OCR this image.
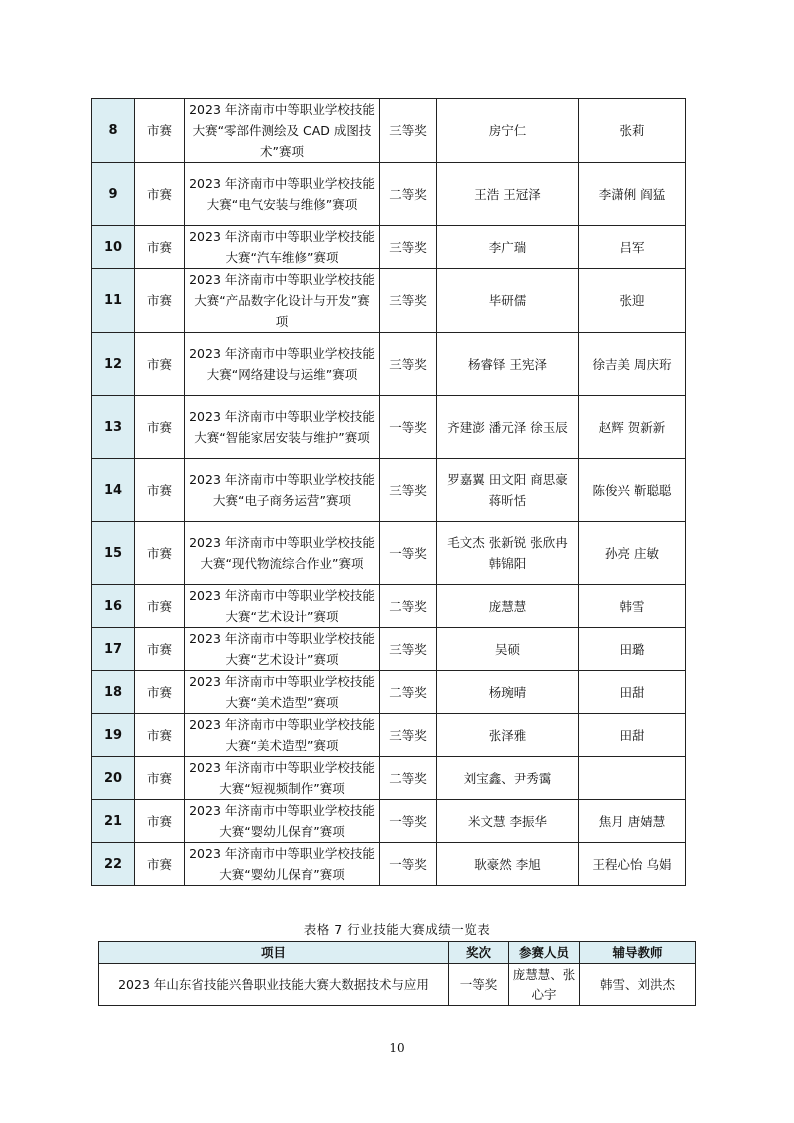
8	市赛	2023 年济南市中等职业学校技能大赛“零部件测绘及 CAD 成图技术”赛项	三等奖	房宁仁	张莉
9	市赛	2023 年济南市中等职业学校技能大赛“电气安装与维修”赛项	二等奖	王浩 王冠泽	李潇俐 阎猛
10	市赛	2023 年济南市中等职业学校技能大赛“汽车维修”赛项	三等奖	李广瑞	吕军
11	市赛	2023 年济南市中等职业学校技能大赛“产品数字化设计与开发”赛项	三等奖	毕研儒	张迎
12	市赛	2023 年济南市中等职业学校技能大赛“网络建设与运维”赛项	三等奖	杨睿铎 王宪泽	徐吉美 周庆珩
13	市赛	2023 年济南市中等职业学校技能大赛“智能家居安装与维护”赛项	一等奖	齐建澎 潘元泽 徐玉辰	赵辉 贺新新
14	市赛	2023 年济南市中等职业学校技能大赛“电子商务运营”赛项	三等奖	罗嘉翼 田文阳 商思豪 蒋昕恬	陈俊兴 靳聪聪
15	市赛	2023 年济南市中等职业学校技能大赛“现代物流综合作业”赛项	一等奖	毛文杰 张新锐 张欣冉 韩锦阳	孙亮 庄敏
16	市赛	2023 年济南市中等职业学校技能大赛“艺术设计”赛项	二等奖	庞慧慧	韩雪
17	市赛	2023 年济南市中等职业学校技能大赛“艺术设计”赛项	三等奖	吴硕	田璐
18	市赛	2023 年济南市中等职业学校技能大赛“美术造型”赛项	二等奖	杨琬晴	田甜
19	市赛	2023 年济南市中等职业学校技能大赛“美术造型”赛项	三等奖	张泽雅	田甜
20	市赛	2023 年济南市中等职业学校技能大赛“短视频制作”赛项	二等奖	刘宝鑫、尹秀霭	
21	市赛	2023 年济南市中等职业学校技能大赛“婴幼儿保育”赛项	一等奖	米文慧 李振华	焦月 唐婧慧
22	市赛	2023 年济南市中等职业学校技能大赛“婴幼儿保育”赛项	一等奖	耿豪然 李旭	王程心怡 乌娟
表格 7 行业技能大赛成绩一览表
项目	奖次	参赛人员	辅导教师
2023 年山东省技能兴鲁职业技能大赛大数据技术与应用	一等奖	庞慧慧、张心宇	韩雪、刘洪杰
10
